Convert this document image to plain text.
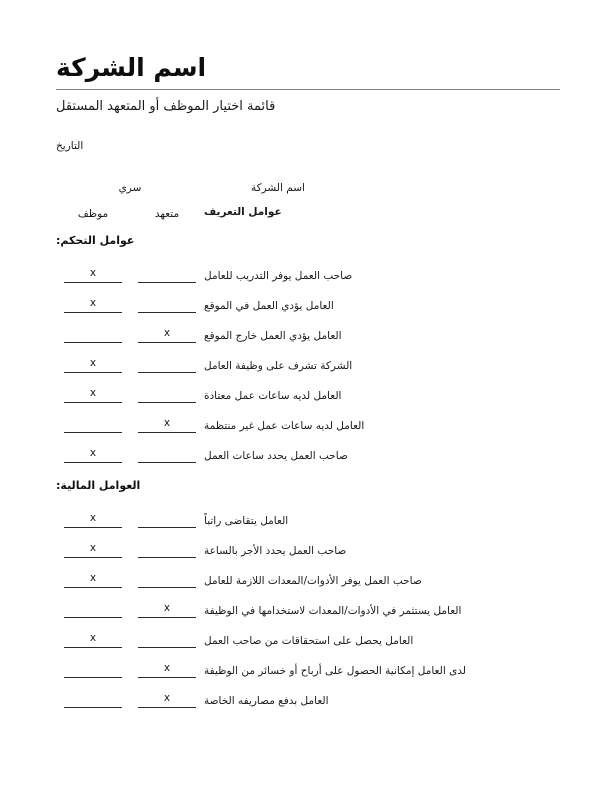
اسم الشركة
قائمة اختيار الموظف أو المتعهد المستقل
التاريخ
اسم الشركة
سري
عوامل التعريف
متعهد
موظف
عوامل التحكم:
صاحب العمل يوفر التدريب للعامل
x
العامل يؤدي العمل في الموقع
x
العامل يؤدي العمل خارج الموقع
x
الشركة تشرف على وظيفة العامل
x
العامل لديه ساعات عمل معتادة
x
العامل لديه ساعات عمل غير منتظمة
x
صاحب العمل يحدد ساعات العمل
x
العوامل المالية:
العامل يتقاضى راتباً
x
صاحب العمل يحدد الأجر بالساعة
x
صاحب العمل يوفر الأدوات/المعدات اللازمة للعامل
x
العامل يستثمر في الأدوات/المعدات لاستخدامها في الوظيفة
x
العامل يحصل على استحقاقات من صاحب العمل
x
لدى العامل إمكانية الحصول على أرباح أو خسائر من الوظيفة
x
العامل بدفع مصاريفه الخاصة
x
